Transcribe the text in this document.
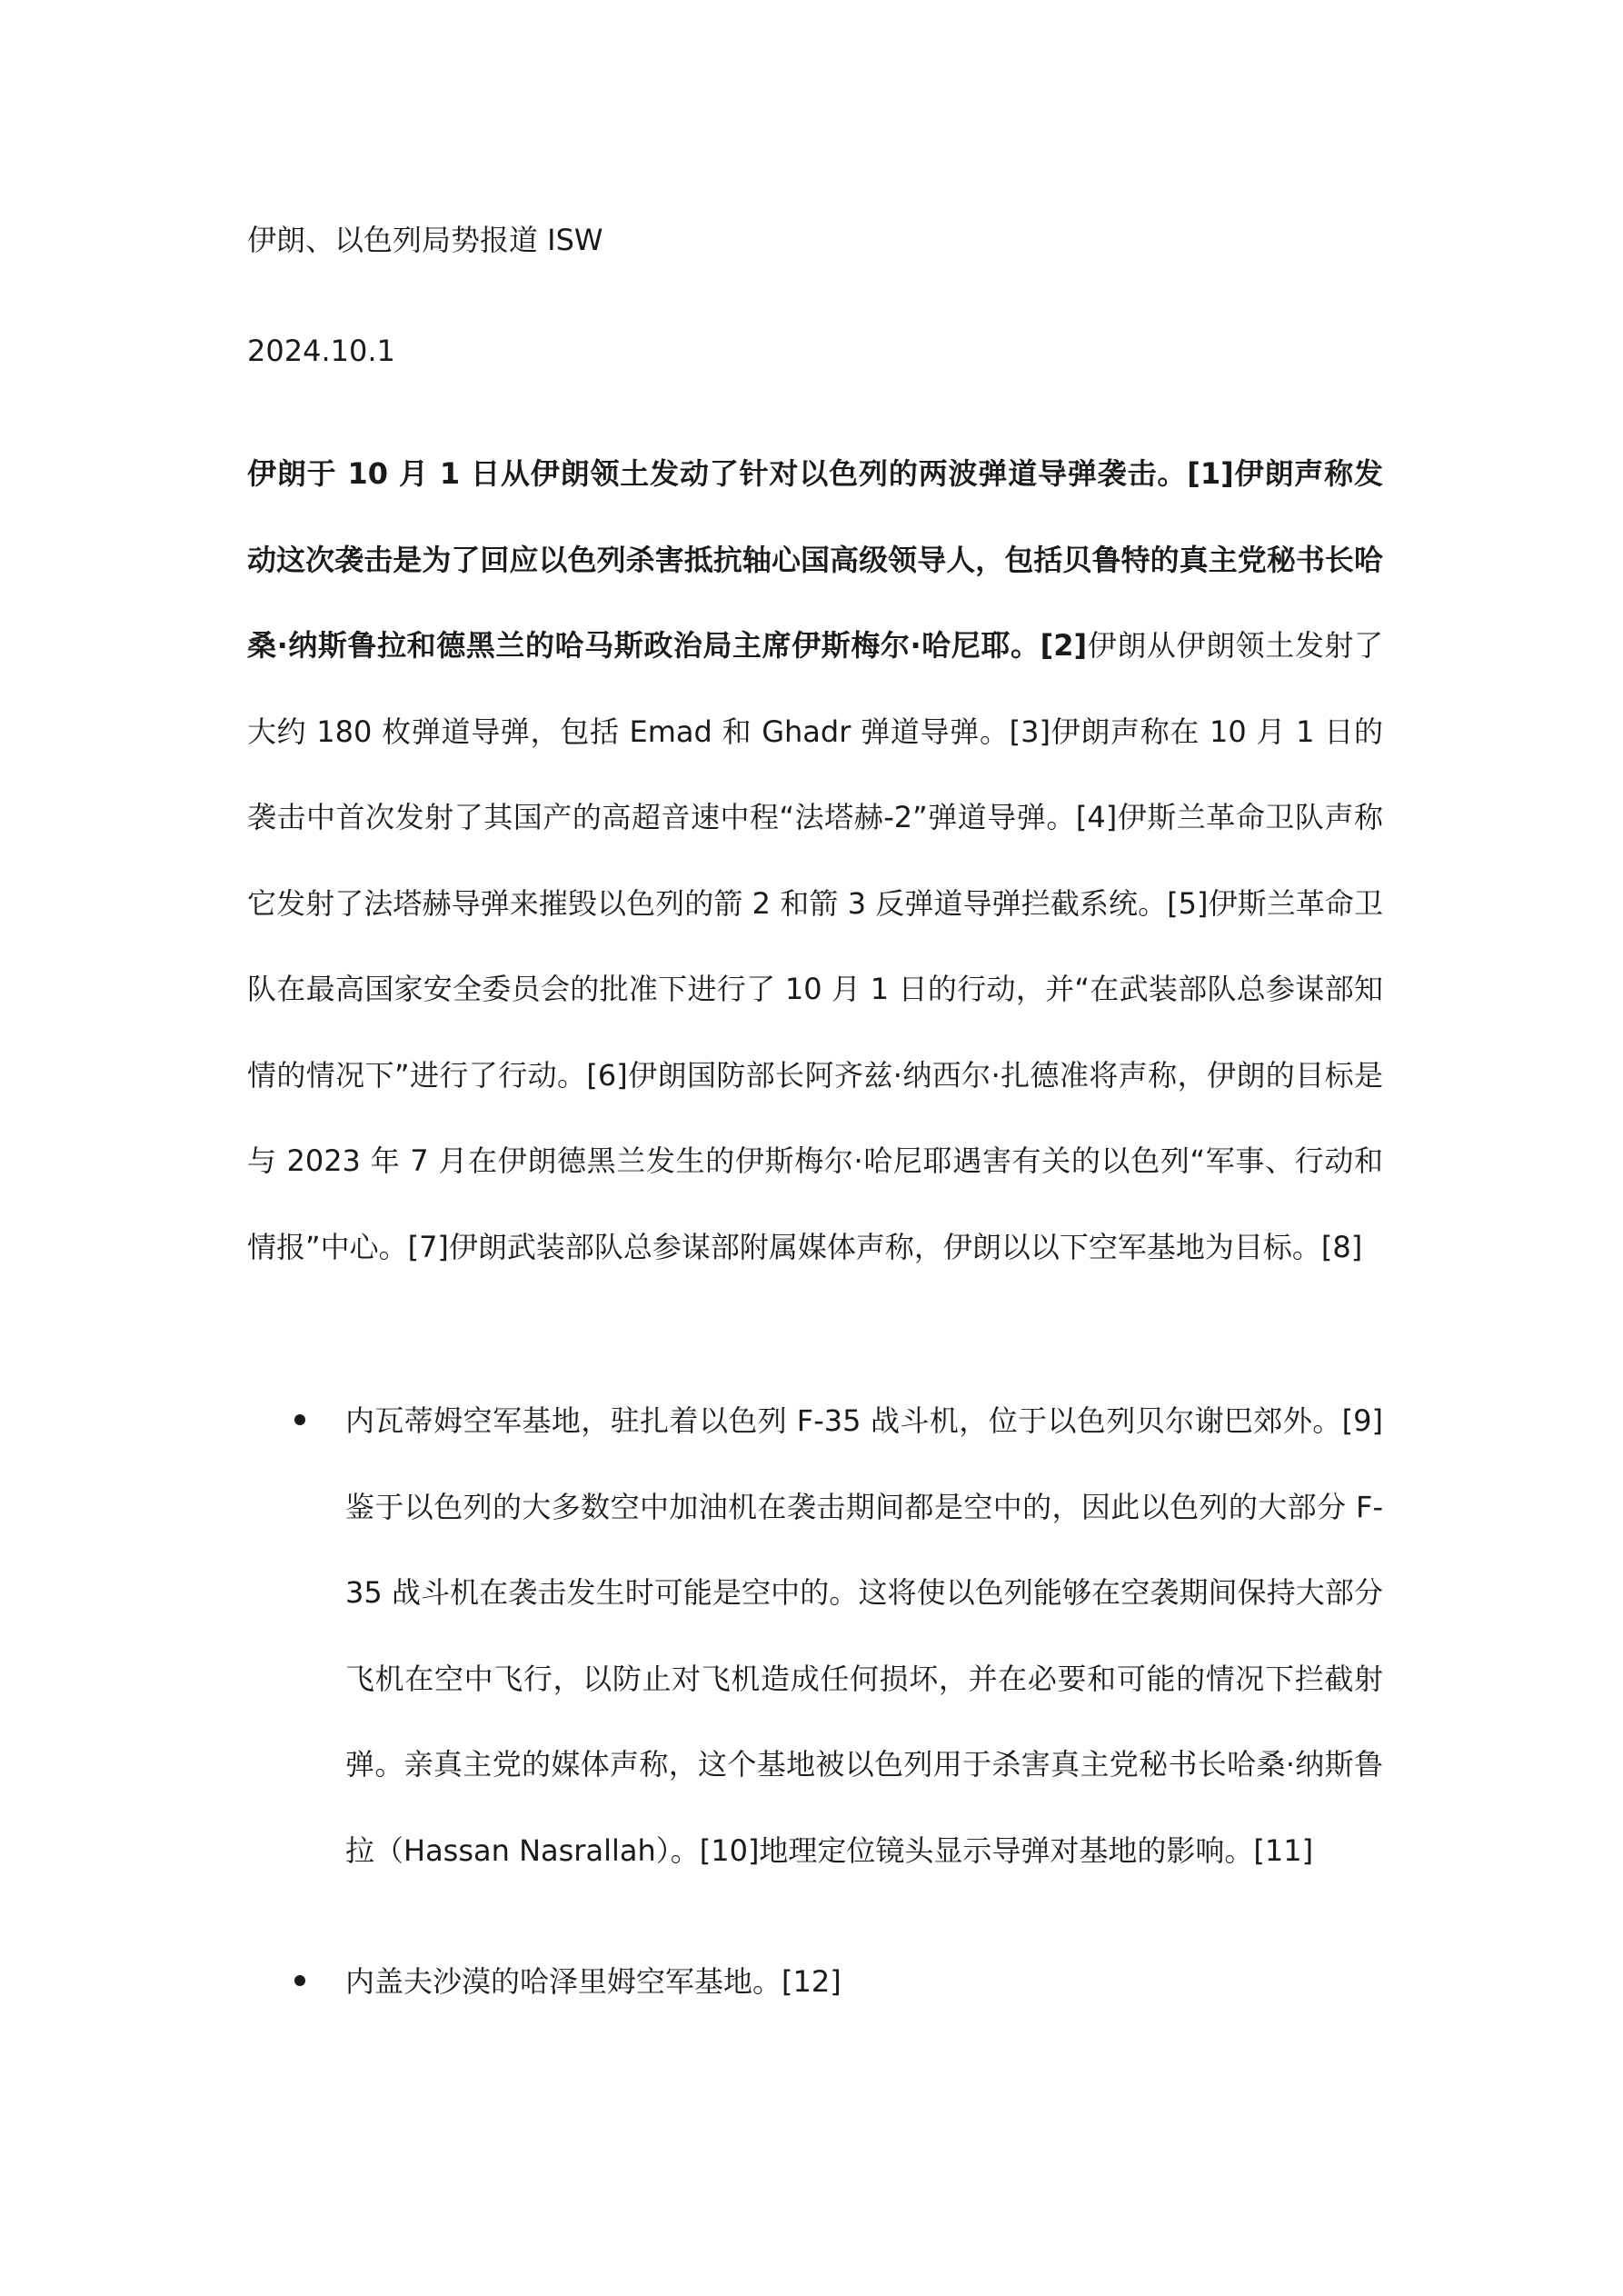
伊朗、以色列局势报道 ISW

2024.10.1

伊朗于 10 月 1 日从伊朗领土发动了针对以色列的两波弹道导弹袭击。[1]伊朗声称发动这次袭击是为了回应以色列杀害抵抗轴心国高级领导人，包括贝鲁特的真主党秘书长哈桑·纳斯鲁拉和德黑兰的哈马斯政治局主席伊斯梅尔·哈尼耶。[2]伊朗从伊朗领土发射了大约 180 枚弹道导弹，包括 Emad 和 Ghadr 弹道导弹。[3]伊朗声称在 10 月 1 日的袭击中首次发射了其国产的高超音速中程“法塔赫-2”弹道导弹。[4]伊斯兰革命卫队声称它发射了法塔赫导弹来摧毁以色列的箭 2 和箭 3 反弹道导弹拦截系统。[5]伊斯兰革命卫队在最高国家安全委员会的批准下进行了 10 月 1 日的行动，并“在武装部队总参谋部知情的情况下”进行了行动。[6]伊朗国防部长阿齐兹·纳西尔·扎德准将声称，伊朗的目标是与 2023 年 7 月在伊朗德黑兰发生的伊斯梅尔·哈尼耶遇害有关的以色列“军事、行动和情报”中心。[7]伊朗武装部队总参谋部附属媒体声称，伊朗以以下空军基地为目标。[8]

内瓦蒂姆空军基地，驻扎着以色列 F-35 战斗机，位于以色列贝尔谢巴郊外。[9]鉴于以色列的大多数空中加油机在袭击期间都是空中的，因此以色列的大部分 F-35 战斗机在袭击发生时可能是空中的。这将使以色列能够在空袭期间保持大部分飞机在空中飞行，以防止对飞机造成任何损坏，并在必要和可能的情况下拦截射弹。亲真主党的媒体声称，这个基地被以色列用于杀害真主党秘书长哈桑·纳斯鲁拉（Hassan Nasrallah）。[10]地理定位镜头显示导弹对基地的影响。[11]
内盖夫沙漠的哈泽里姆空军基地。[12]
